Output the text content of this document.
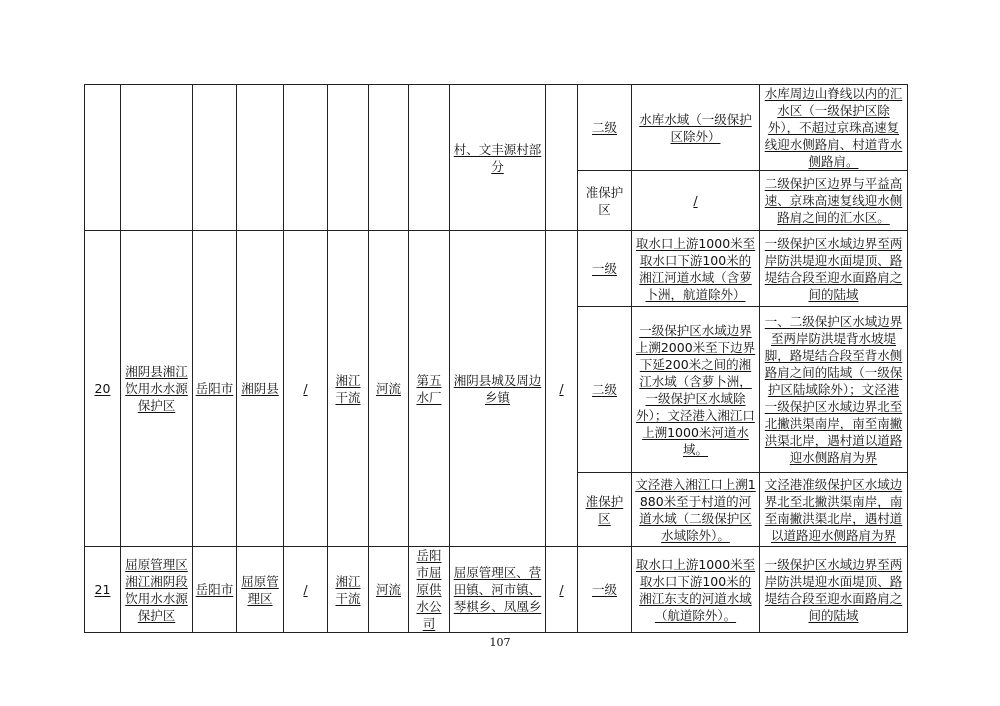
								村、文丰源村部分		二级	水库水域（一级保护区除外）	水库周边山脊线以内的汇水区（一级保护区除外），不超过京珠高速复线迎水侧路肩、村道背水侧路肩。
										准保护区	/	二级保护区边界与平益高速、京珠高速复线迎水侧路肩之间的汇水区。
20	湘阴县湘江饮用水水源保护区	岳阳市	湘阴县	/	湘江干流	河流	第五水厂	湘阴县城及周边乡镇	/	一级	取水口上游1000米至取水口下游100米的湘江河道水域（含萝卜洲，航道除外）	一级保护区水域边界至两岸防洪堤迎水面堤顶、路堤结合段至迎水面路肩之间的陆域
										二级	一级保护区水域边界上溯2000米至下边界下延200米之间的湘江水域（含萝卜洲，一级保护区水域除外）；文泾港入湘江口上溯1000米河道水域。	一、二级保护区水域边界至两岸防洪堤背水坡堤脚，路堤结合段至背水侧路肩之间的陆域（一级保护区陆域除外）；文泾港一级保护区水域边界北至北撇洪渠南岸，南至南撇洪渠北岸，遇村道以道路迎水侧路肩为界
										准保护区	文泾港入湘江口上溯1880米至于村道的河道水域（二级保护区水域除外）。	文泾港准级保护区水域边界北至北撇洪渠南岸，南至南撇洪渠北岸，遇村道以道路迎水侧路肩为界
21	屈原管理区湘江湘阴段饮用水水源保护区	岳阳市	屈原管理区	/	湘江干流	河流	岳阳市屈原供水公司	屈原管理区、营田镇、河市镇、琴棋乡、凤凰乡	/	一级	取水口上游1000米至取水口下游100米的湘江东支的河道水域（航道除外）。	一级保护区水域边界至两岸防洪堤迎水面堤顶、路堤结合段至迎水面路肩之间的陆域
107
